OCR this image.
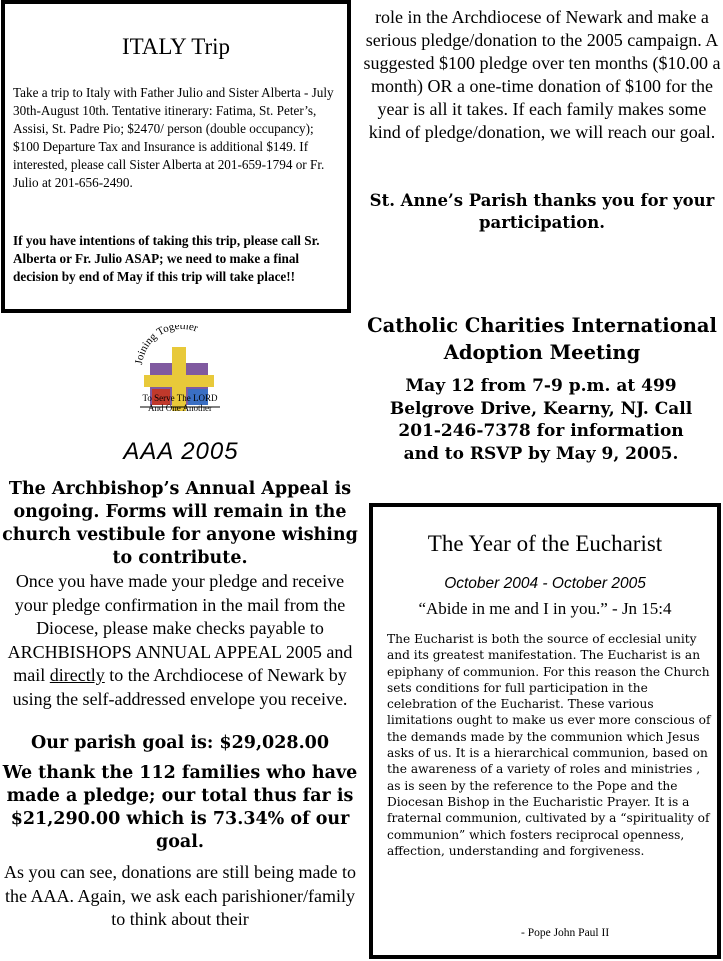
ITALY Trip

Take a trip to Italy with Father Julio and Sister Alberta - July 30th-August 10th. Tentative itinerary: Fatima, St. Peter’s, Assisi, St. Padre Pio; $2470/ person (double occupancy); $100 Departure Tax and Insurance is additional $149. If interested, please call Sister Alberta at 201-659-1794 or Fr. Julio at 201-656-2490.

If you have intentions of taking this trip, please call Sr. Alberta or Fr. Julio ASAP; we need to make a final decision by end of May if this trip will take place!!

Joining Together
To Serve The LORD
And One Another
AAA 2005

The Archbishop’s Annual Appeal is ongoing. Forms will remain in the church vestibule for anyone wishing to contribute.

Once you have made your pledge and receive your pledge confirmation in the mail from the Diocese, please make checks payable to ARCHBISHOPS ANNUAL APPEAL 2005 and mail directly to the Archdiocese of Newark by using the self-addressed envelope you receive.

Our parish goal is: $29,028.00

We thank the 112 families who have made a pledge; our total thus far is $21,290.00 which is 73.34% of our goal.

As you can see, donations are still being made to the AAA. Again, we ask each parishioner/family to think about their

role in the Archdiocese of Newark and make a serious pledge/donation to the 2005 campaign. A suggested $100 pledge over ten months ($10.00 a month) OR a one-time donation of $100 for the year is all it takes. If each family makes some kind of pledge/donation, we will reach our goal.

St. Anne’s Parish thanks you for your participation.

Catholic Charities International Adoption Meeting

May 12 from 7-9 p.m. at 499 Belgrove Drive, Kearny, NJ. Call 201-246-7378 for information and to RSVP by May 9, 2005.

The Year of the Eucharist
October 2004 - October 2005
“Abide in me and I in you.” - Jn 15:4

The Eucharist is both the source of ecclesial unity and its greatest manifestation. The Eucharist is an epiphany of communion. For this reason the Church sets conditions for full participation in the celebration of the Eucharist. These various limitations ought to make us ever more conscious of the demands made by the communion which Jesus asks of us. It is a hierarchical communion, based on the awareness of a variety of roles and ministries , as is seen by the reference to the Pope and the Diocesan Bishop in the Eucharistic Prayer. It is a fraternal communion, cultivated by a “spirituality of communion” which fosters reciprocal openness, affection, understanding and forgiveness.

- Pope John Paul II
